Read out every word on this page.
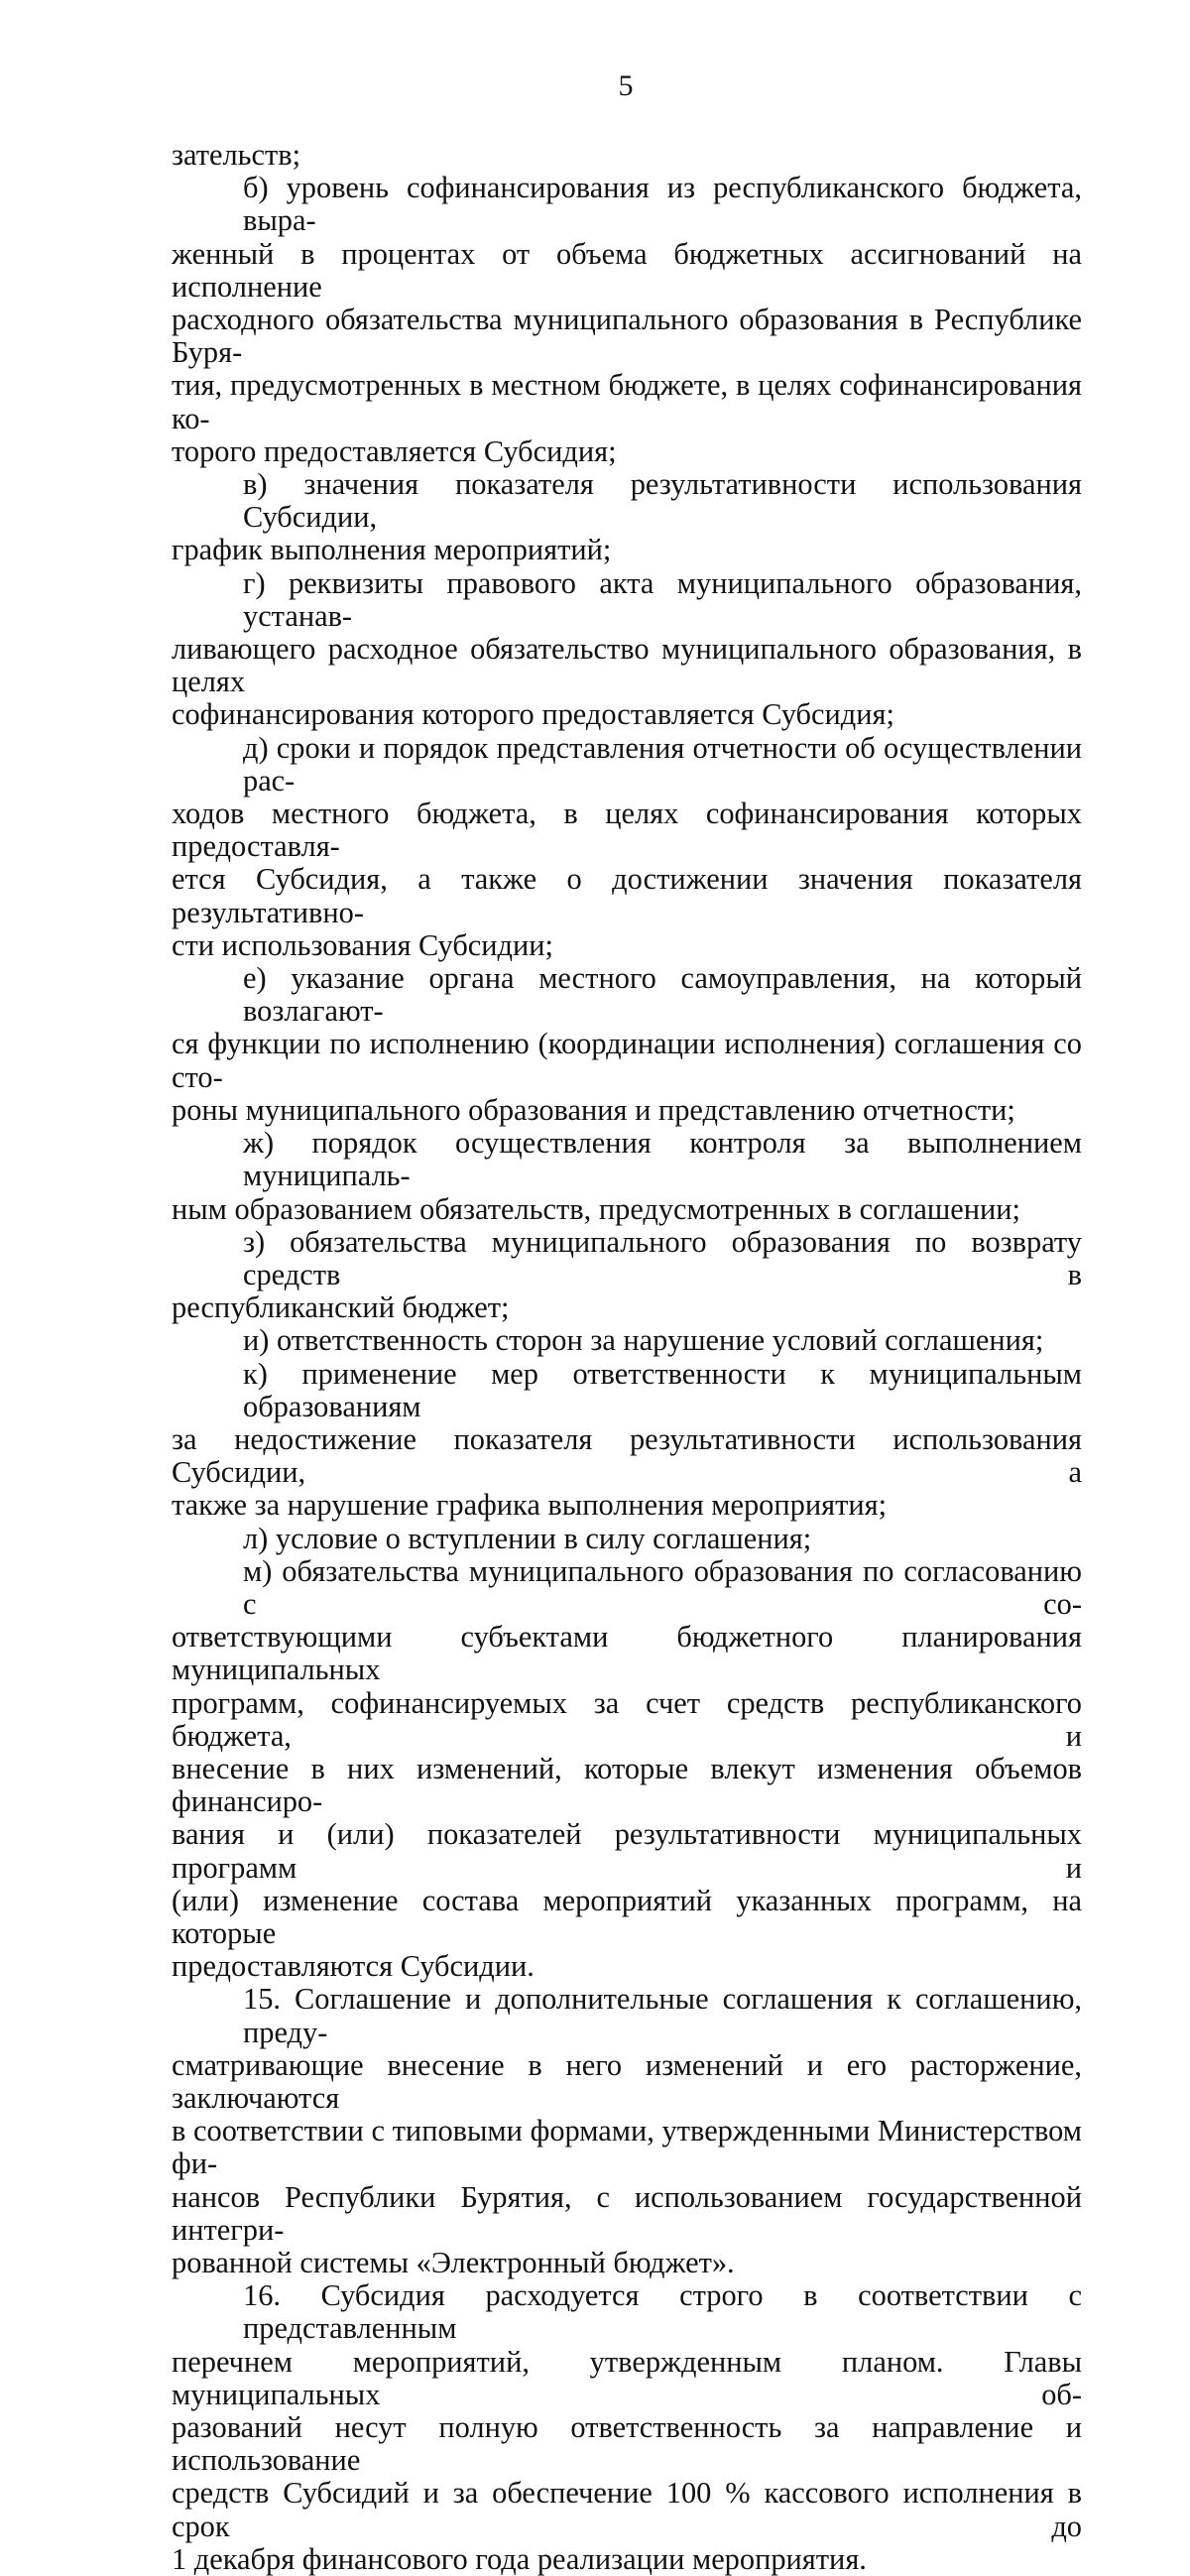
5
зательств;
б) уровень софинансирования из республиканского бюджета, выра-
женный в процентах от объема бюджетных ассигнований на исполнение
расходного обязательства муниципального образования в Республике Буря-
тия, предусмотренных в местном бюджете, в целях софинансирования ко-
торого предоставляется Субсидия;
в) значения показателя результативности использования Субсидии,
график выполнения мероприятий;
г) реквизиты правового акта муниципального образования, устанав-
ливающего расходное обязательство муниципального образования, в целях
софинансирования которого предоставляется Субсидия;
д) сроки и порядок представления отчетности об осуществлении рас-
ходов местного бюджета, в целях софинансирования которых предоставля-
ется Субсидия, а также о достижении значения показателя результативно-
сти использования Субсидии;
е) указание органа местного самоуправления, на который возлагают-
ся функции по исполнению (координации исполнения) соглашения со сто-
роны муниципального образования и представлению отчетности;
ж) порядок осуществления контроля за выполнением муниципаль-
ным образованием обязательств, предусмотренных в соглашении;
з) обязательства муниципального образования по возврату средств в
республиканский бюджет;
и) ответственность сторон за нарушение условий соглашения;
к) применение мер ответственности к муниципальным образованиям
за недостижение показателя результативности использования Субсидии, а
также за нарушение графика выполнения мероприятия;
л) условие о вступлении в силу соглашения;
м) обязательства муниципального образования по согласованию с со-
ответствующими субъектами бюджетного планирования муниципальных
программ, софинансируемых за счет средств республиканского бюджета, и
внесение в них изменений, которые влекут изменения объемов финансиро-
вания и (или) показателей результативности муниципальных программ и
(или) изменение состава мероприятий указанных программ, на которые
предоставляются Субсидии.
15. Соглашение и дополнительные соглашения к соглашению, преду-
сматривающие внесение в него изменений и его расторжение, заключаются
в соответствии с типовыми формами, утвержденными Министерством фи-
нансов Республики Бурятия, с использованием государственной интегри-
рованной системы «Электронный бюджет».
16. Субсидия расходуется строго в соответствии с представленным
перечнем мероприятий, утвержденным планом. Главы муниципальных об-
разований несут полную ответственность за направление и использование
средств Субсидий и за обеспечение 100 % кассового исполнения в срок до
1 декабря финансового года реализации мероприятия.
